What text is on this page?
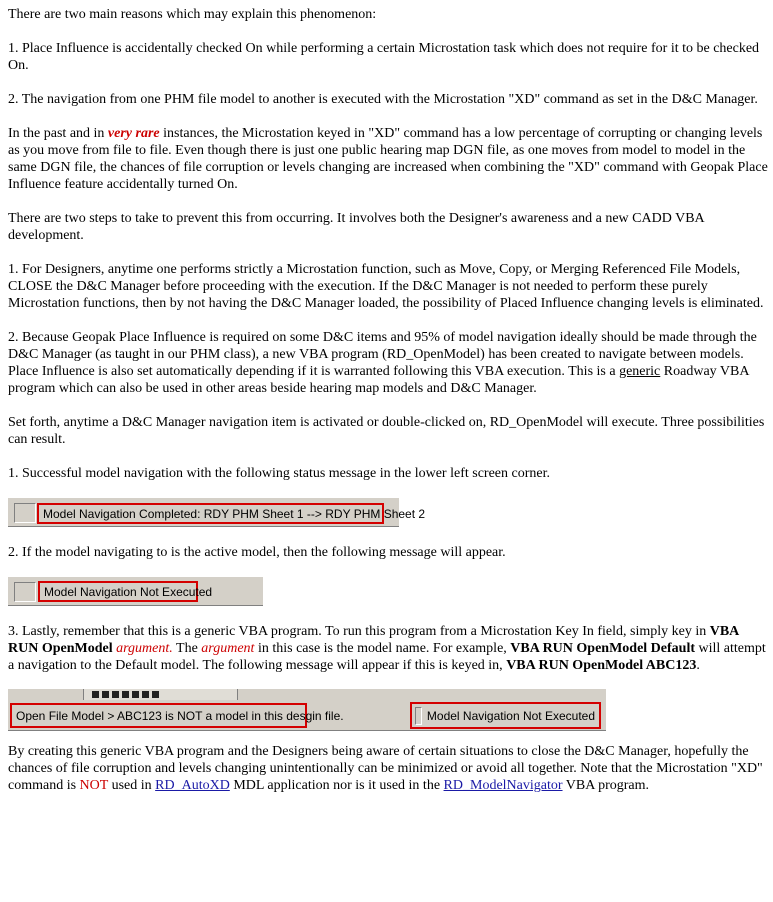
There are two main reasons which may explain this phenomenon:

1. Place Influence is accidentally checked On while performing a certain Microstation task which does not require for it to be checked On.

2. The navigation from one PHM file model to another is executed with the Microstation "XD" command as set in the D&C Manager.

In the past and in very rare instances, the Microstation keyed in "XD" command has a low percentage of corrupting or changing levels as you move from file to file. Even though there is just one public hearing map DGN file, as one moves from model to model in the same DGN file, the chances of file corruption or levels changing are increased when combining the "XD" command with Geopak Place Influence feature accidentally turned On.

There are two steps to take to prevent this from occurring. It involves both the Designer's awareness and a new CADD VBA development.

1. For Designers, anytime one performs strictly a Microstation function, such as Move, Copy, or Merging Referenced File Models, CLOSE the D&C Manager before proceeding with the execution. If the D&C Manager is not needed to perform these purely Microstation functions, then by not having the D&C Manager loaded, the possibility of Placed Influence changing levels is eliminated.

2. Because Geopak Place Influence is required on some D&C items and 95% of model navigation ideally should be made through the D&C Manager (as taught in our PHM class), a new VBA program (RD_OpenModel) has been created to navigate between models. Place Influence is also set automatically depending if it is warranted following this VBA execution. This is a generic Roadway VBA program which can also be used in other areas beside hearing map models and D&C Manager.

Set forth, anytime a D&C Manager navigation item is activated or double-clicked on, RD_OpenModel will execute. Three possibilities can result.

1. Successful model navigation with the following status message in the lower left screen corner.

Model Navigation Completed: RDY PHM Sheet 1 --> RDY PHM Sheet 2

2. If the model navigating to is the active model, then the following message will appear.

Model Navigation Not Executed

3. Lastly, remember that this is a generic VBA program. To run this program from a Microstation Key In field, simply key in VBA RUN OpenModel argument. The argument in this case is the model name. For example, VBA RUN OpenModel Default will attempt a navigation to the Default model. The following message will appear if this is keyed in, VBA RUN OpenModel ABC123.

Open File Model > ABC123 is NOT a model in this desgin file.	Model Navigation Not Executed

By creating this generic VBA program and the Designers being aware of certain situations to close the D&C Manager, hopefully the chances of file corruption and levels changing unintentionally can be minimized or avoid all together. Note that the Microstation "XD" command is NOT used in RD_AutoXD MDL application nor is it used in the RD_ModelNavigator VBA program.
